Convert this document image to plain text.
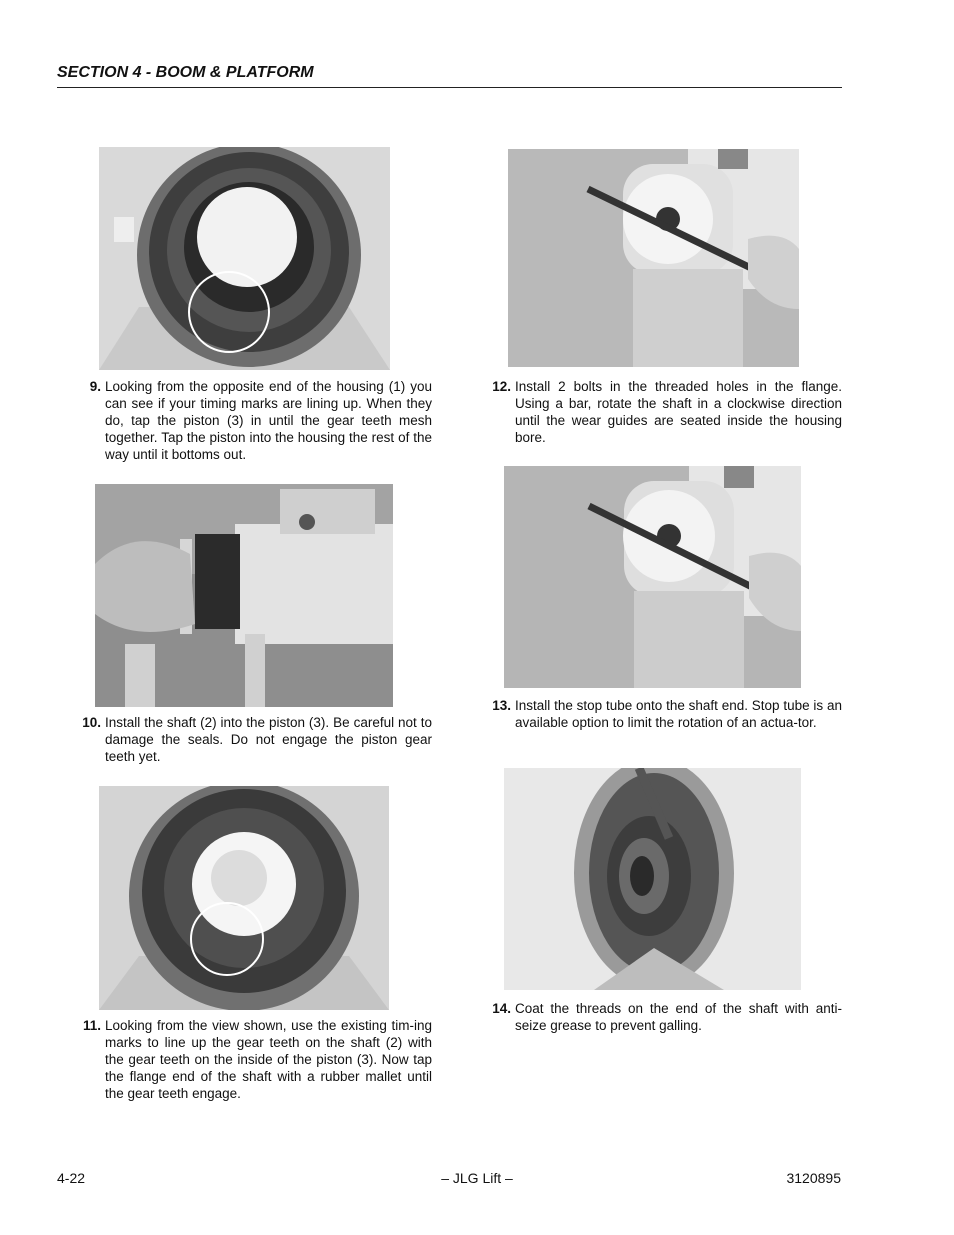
SECTION 4 - BOOM & PLATFORM
9. Looking from the opposite end of the housing (1) you can see if your timing marks are lining up. When they do, tap the piston (3) in until the gear teeth mesh together. Tap the piston into the housing the rest of the way until it bottoms out.
10. Install the shaft (2) into the piston (3). Be careful not to damage the seals. Do not engage the piston gear teeth yet.
11. Looking from the view shown, use the existing tim-ing marks to line up the gear teeth on the shaft (2) with the gear teeth on the inside of the piston (3). Now tap the flange end of the shaft with a rubber mallet until the gear teeth engage.
12. Install 2 bolts in the threaded holes in the flange. Using a bar, rotate the shaft in a clockwise direction until the wear guides are seated inside the housing bore.
13. Install the stop tube onto the shaft end. Stop tube is an available option to limit the rotation of an actua-tor.
14. Coat the threads on the end of the shaft with anti-seize grease to prevent galling.
4-22	– JLG Lift –	3120895
